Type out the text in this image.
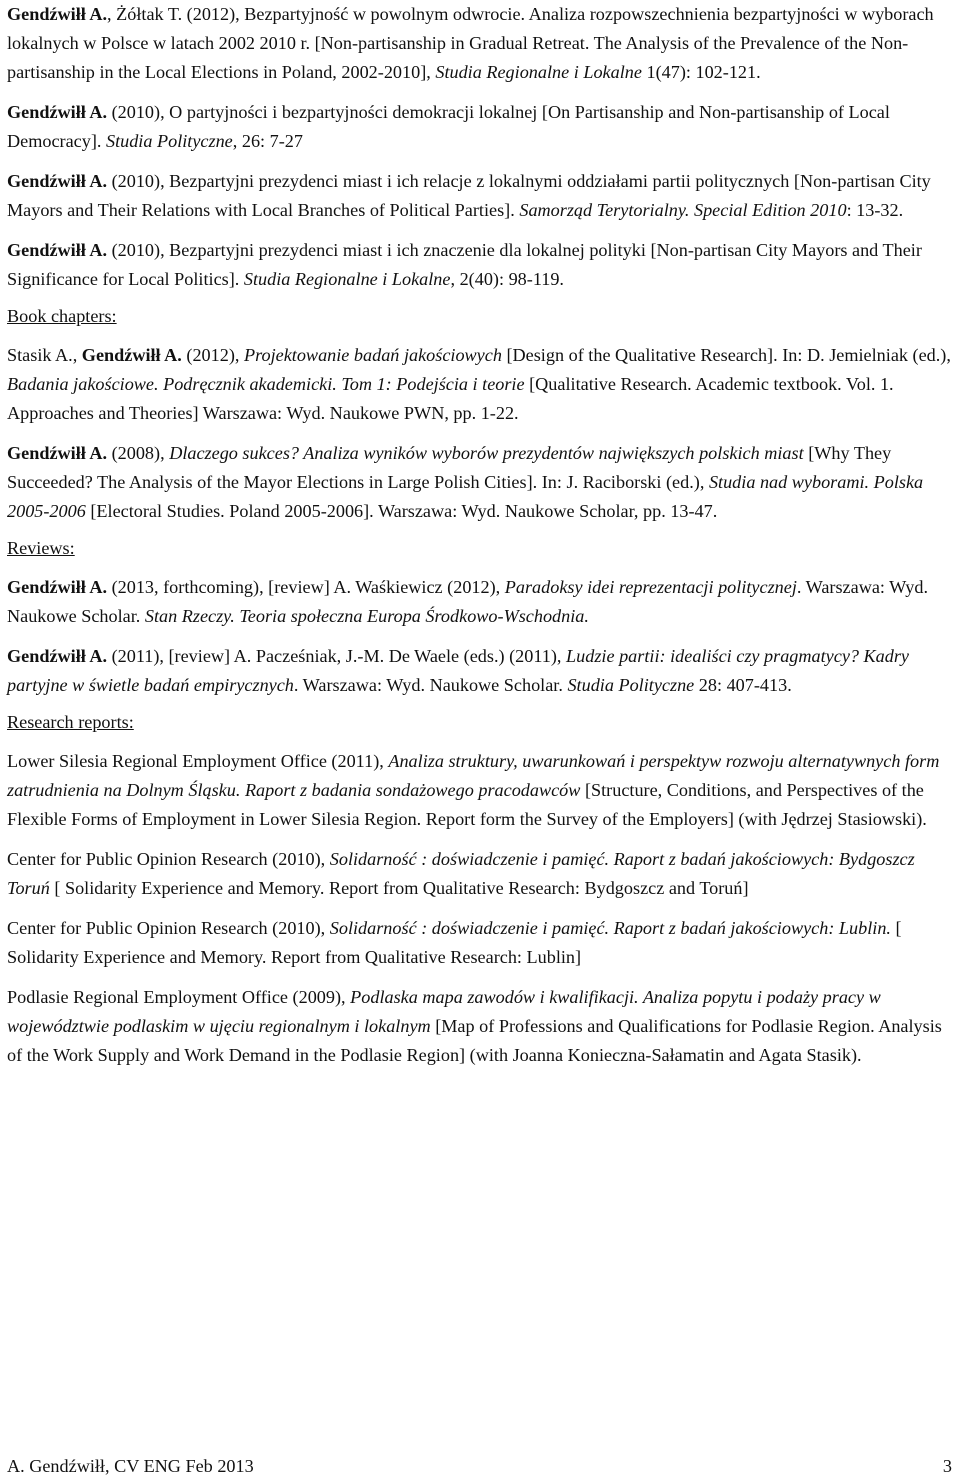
Gendźwiłł A., Żółtak T. (2012), Bezpartyjność w powolnym odwrocie. Analiza rozpowszechnienia bezpartyjności w wyborach lokalnych w Polsce w latach 2002 2010 r. [Non-partisanship in Gradual Retreat. The Analysis of the Prevalence of the Non-partisanship in the Local Elections in Poland, 2002-2010], Studia Regionalne i Lokalne 1(47): 102-121.
Gendźwiłł A. (2010), O partyjności i bezpartyjności demokracji lokalnej [On Partisanship and Non-partisanship of Local Democracy]. Studia Polityczne, 26: 7-27
Gendźwiłł A. (2010), Bezpartyjni prezydenci miast i ich relacje z lokalnymi oddziałami partii politycznych [Non-partisan City Mayors and Their Relations with Local Branches of Political Parties]. Samorząd Terytorialny. Special Edition 2010: 13-32.
Gendźwiłł A. (2010), Bezpartyjni prezydenci miast i ich znaczenie dla lokalnej polityki [Non-partisan City Mayors and Their Significance for Local Politics]. Studia Regionalne i Lokalne, 2(40): 98-119.
Book chapters:
Stasik A., Gendźwiłł A. (2012), Projektowanie badań jakościowych [Design of the Qualitative Research]. In: D. Jemielniak (ed.), Badania jakościowe. Podręcznik akademicki. Tom 1: Podejścia i teorie [Qualitative Research. Academic textbook. Vol. 1. Approaches and Theories] Warszawa: Wyd. Naukowe PWN, pp. 1-22.
Gendźwiłł A. (2008), Dlaczego sukces? Analiza wyników wyborów prezydentów największych polskich miast [Why They Succeeded? The Analysis of the Mayor Elections in Large Polish Cities]. In: J. Raciborski (ed.), Studia nad wyborami. Polska 2005-2006 [Electoral Studies. Poland 2005-2006]. Warszawa: Wyd. Naukowe Scholar, pp. 13-47.
Reviews:
Gendźwiłł A. (2013, forthcoming), [review] A. Waśkiewicz (2012), Paradoksy idei reprezentacji politycznej. Warszawa: Wyd. Naukowe Scholar. Stan Rzeczy. Teoria społeczna Europa Środkowo-Wschodnia.
Gendźwiłł A. (2011), [review] A. Pacześniak, J.-M. De Waele (eds.) (2011), Ludzie partii: idealiści czy pragmatycy? Kadry partyjne w świetle badań empirycznych. Warszawa: Wyd. Naukowe Scholar. Studia Polityczne 28: 407-413.
Research reports:
Lower Silesia Regional Employment Office (2011), Analiza struktury, uwarunkowań i perspektyw rozwoju alternatywnych form zatrudnienia na Dolnym Śląsku. Raport z badania sondażowego pracodawców [Structure, Conditions, and Perspectives of the Flexible Forms of Employment in Lower Silesia Region. Report form the Survey of the Employers] (with Jędrzej Stasiowski).
Center for Public Opinion Research (2010), Solidarność : doświadczenie i pamięć. Raport z badań jakościowych: Bydgoszcz Toruń [ Solidarity Experience and Memory. Report from Qualitative Research: Bydgoszcz and Toruń]
Center for Public Opinion Research (2010), Solidarność : doświadczenie i pamięć. Raport z badań jakościowych: Lublin. [ Solidarity Experience and Memory. Report from Qualitative Research: Lublin]
Podlasie Regional Employment Office (2009), Podlaska mapa zawodów i kwalifikacji. Analiza popytu i podaży pracy w województwie podlaskim w ujęciu regionalnym i lokalnym [Map of Professions and Qualifications for Podlasie Region. Analysis of the Work Supply and Work Demand in the Podlasie Region] (with Joanna Konieczna-Sałamatin and Agata Stasik).
A. Gendźwiłł, CV ENG Feb 2013	3
